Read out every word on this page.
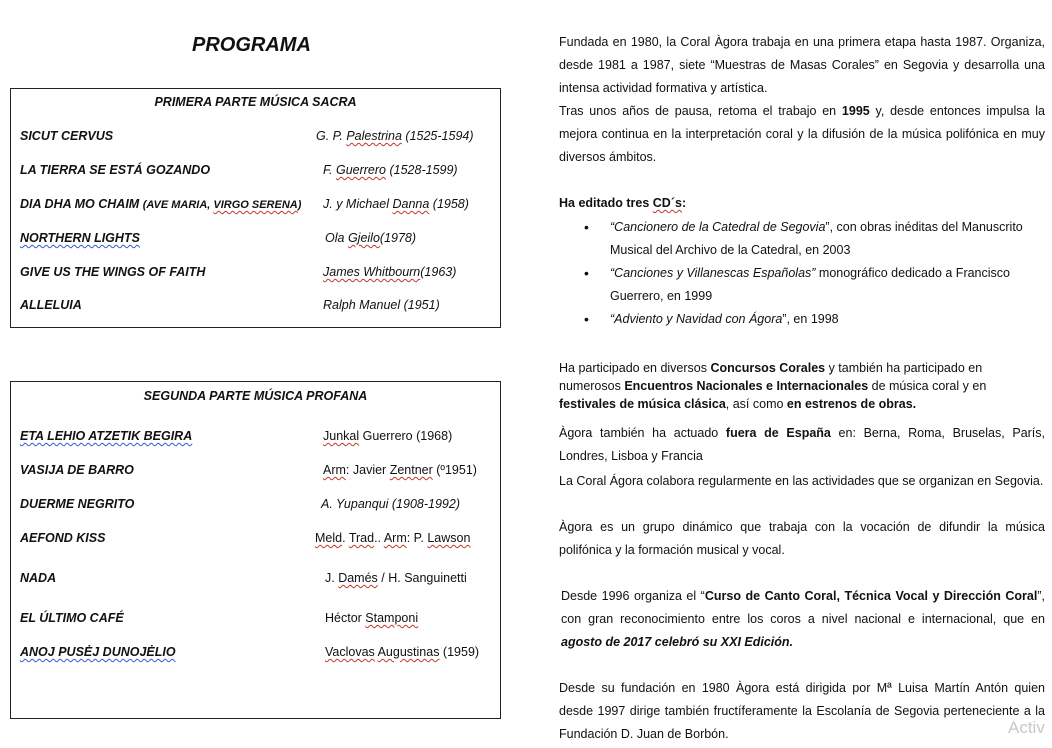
PROGRAMA
PRIMERA PARTE MÚSICA SACRA
SICUT CERVUS	G. P. Palestrina (1525-1594)
LA TIERRA SE ESTÁ GOZANDO	F. Guerrero (1528-1599)
DIA DHA MO CHAIM (AVE MARIA, VIRGO SERENA) J. y Michael Danna (1958)
NORTHERN LIGHTS	Ola Gjeilo(1978)
GIVE US THE WINGS OF FAITH	James Whitbourn(1963)
ALLELUIA	Ralph Manuel (1951)
SEGUNDA PARTE MÚSICA PROFANA
ETA LEHIO ATZETIK BEGIRA	Junkal Guerrero (1968)
VASIJA DE BARRO	Arm: Javier Zentner (º1951)
DUERME NEGRITO	A. Yupanqui (1908-1992)
AEFOND KISS	Meld. Trad.. Arm: P. Lawson
NADA	J. Damés / H. Sanguinetti
EL ÚLTIMO CAFÉ	Héctor Stamponi
ANOJ PUSĖJ DUNOJĖLIO	Vaclovas Augustinas (1959)
Fundada en 1980, la Coral Àgora trabaja en una primera etapa hasta 1987. Organiza, desde 1981 a 1987, siete “Muestras de Masas Corales” en Segovia y desarrolla una intensa actividad formativa y artística.
Tras unos años de pausa, retoma el trabajo en 1995 y, desde entonces impulsa la mejora continua en la interpretación coral y la difusión de la música polifónica en muy diversos ámbitos.
Ha editado tres CD´s:
• “Cancionero de la Catedral de Segovia”, con obras inéditas del Manuscrito Musical del Archivo de la Catedral, en 2003
• “Canciones y Villanescas Españolas” monográfico dedicado a Francisco Guerrero, en 1999
• “Adviento y Navidad con Ágora”, en 1998
Ha participado en diversos Concursos Corales y también ha participado en numerosos Encuentros Nacionales e Internacionales de música coral y en festivales de música clásica, así como en estrenos de obras.
Àgora también ha actuado fuera de España en: Berna, Roma, Bruselas, París, Londres, Lisboa y Francia
La Coral Ágora colabora regularmente en las actividades que se organizan en Segovia.
Àgora es un grupo dinámico que trabaja con la vocación de difundir la música polifónica y la formación musical y vocal.
Desde 1996 organiza el “Curso de Canto Coral, Técnica Vocal y Dirección Coral”, con gran reconocimiento entre los coros a nivel nacional e internacional, que en agosto de 2017 celebró su XXI Edición.
Desde su fundación en 1980 Àgora está dirigida por Mª Luisa Martín Antón quien desde 1997 dirige también fructíferamente la Escolanía de Segovia perteneciente a la Fundación D. Juan de Borbón.	Activ
